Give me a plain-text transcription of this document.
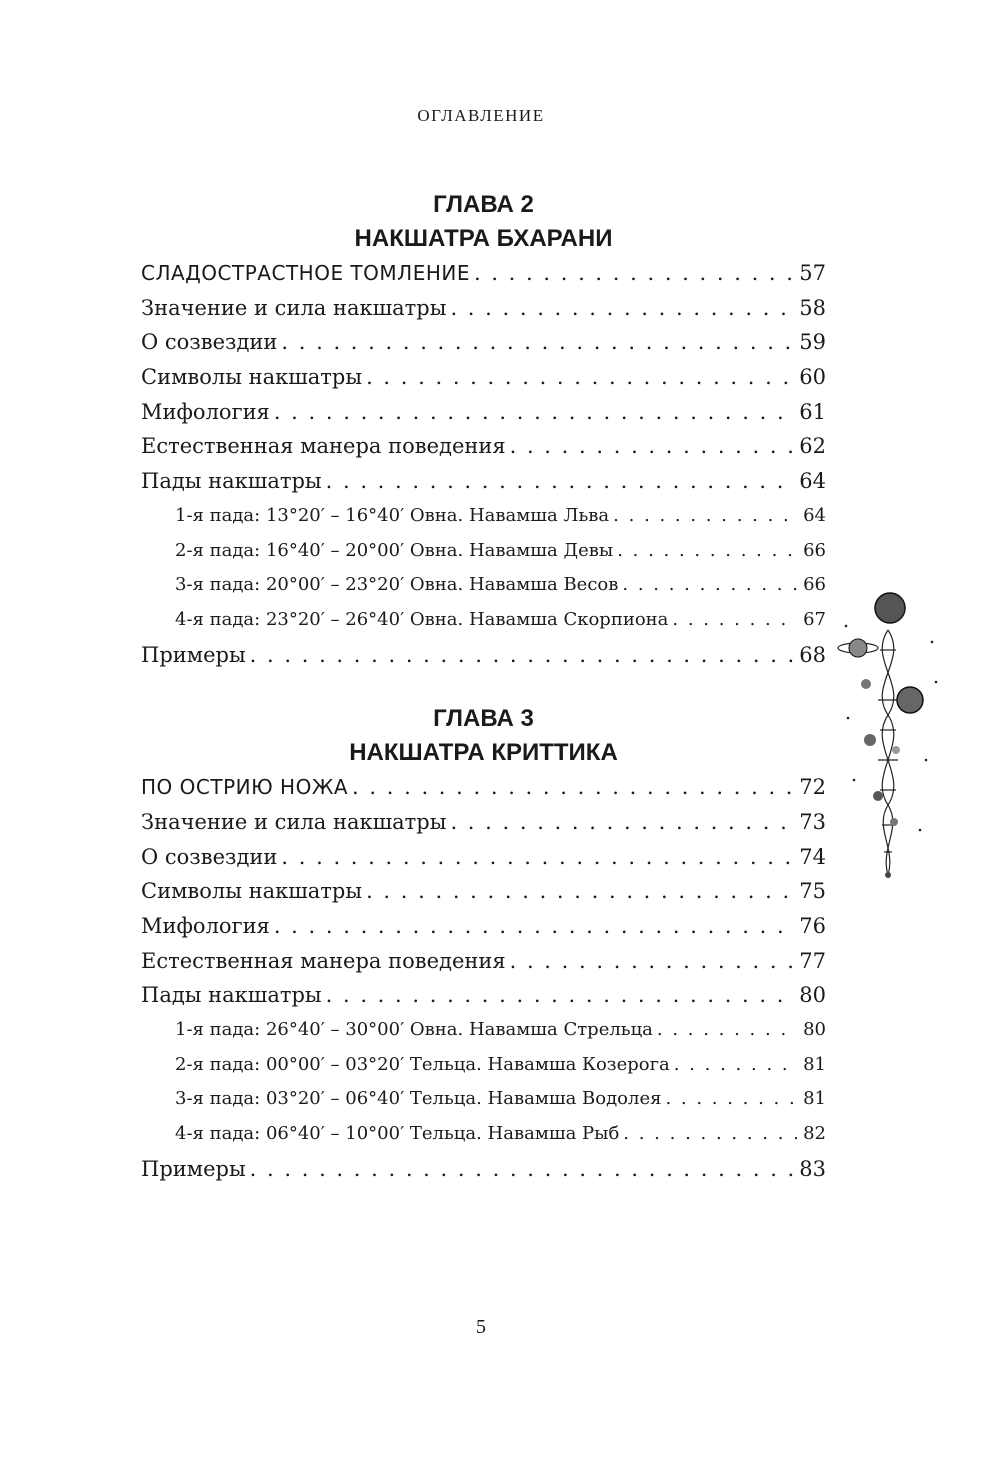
ОГЛАВЛЕНИЕ
ГЛАВА 2
НАКШАТРА БХАРАНИ
СЛАДОСТРАСТНОЕ ТОМЛЕНИЕ . . .	57
Значение и сила накшатры . . .	58
О созвездии . . .	59
Символы накшатры . . .	60
Мифология . . .	61
Естественная манера поведения . . .	62
Пады накшатры . . .	64
1-я пада: 13°20′ – 16°40′ Овна. Навамша Льва . . .	64
2-я пада: 16°40′ – 20°00′ Овна. Навамша Девы . . .	66
3-я пада: 20°00′ – 23°20′ Овна. Навамша Весов . . .	66
4-я пада: 23°20′ – 26°40′ Овна. Навамша Скорпиона . . .	67
Примеры . . .	68
ГЛАВА 3
НАКШАТРА КРИТТИКА
ПО ОСТРИЮ НОЖА . . .	72
Значение и сила накшатры . . .	73
О созвездии . . .	74
Символы накшатры . . .	75
Мифология . . .	76
Естественная манера поведения . . .	77
Пады накшатры . . .	80
1-я пада: 26°40′ – 30°00′ Овна. Навамша Стрельца . . .	80
2-я пада: 00°00′ – 03°20′ Тельца. Навамша Козерога . . .	81
3-я пада: 03°20′ – 06°40′ Тельца. Навамша Водолея . . .	81
4-я пада: 06°40′ – 10°00′ Тельца. Навамша Рыб . . .	82
Примеры . . .	83
5
